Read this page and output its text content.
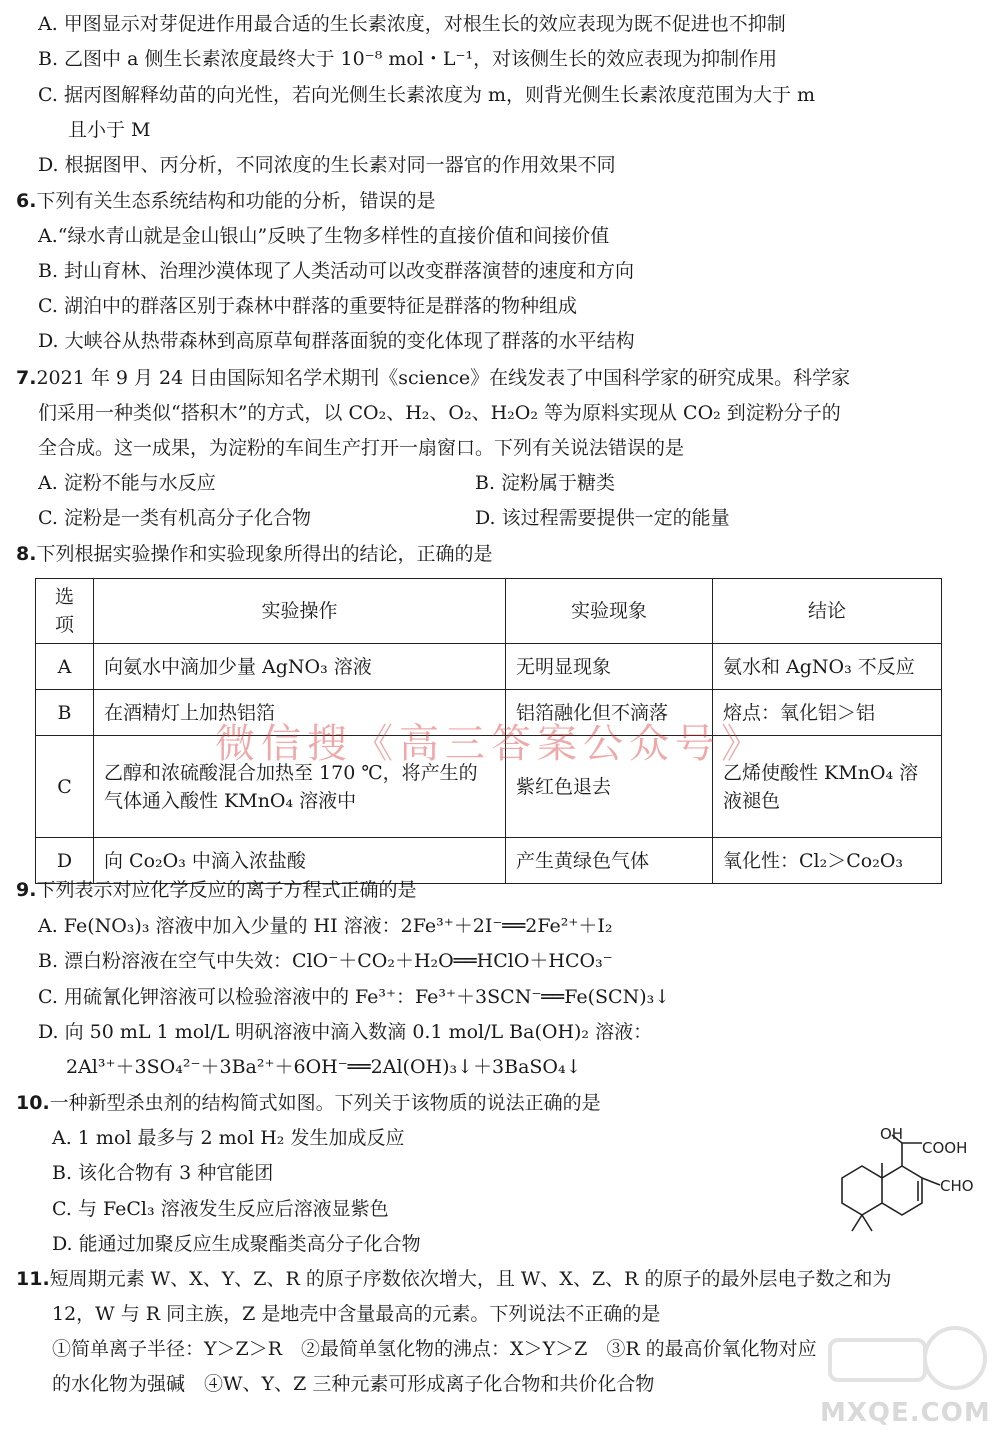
A. 甲图显示对芽促进作用最合适的生长素浓度，对根生长的效应表现为既不促进也不抑制
B. 乙图中 a 侧生长素浓度最终大于 10⁻⁸ mol・L⁻¹，对该侧生长的效应表现为抑制作用
C. 据丙图解释幼苗的向光性，若向光侧生长素浓度为 m，则背光侧生长素浓度范围为大于 m
且小于 M
D. 根据图甲、丙分析，不同浓度的生长素对同一器官的作用效果不同
6.下列有关生态系统结构和功能的分析，错误的是
A.“绿水青山就是金山银山”反映了生物多样性的直接价值和间接价值
B. 封山育林、治理沙漠体现了人类活动可以改变群落演替的速度和方向
C. 湖泊中的群落区别于森林中群落的重要特征是群落的物种组成
D. 大峡谷从热带森林到高原草甸群落面貌的变化体现了群落的水平结构
7.2021 年 9 月 24 日由国际知名学术期刊《science》在线发表了中国科学家的研究成果。科学家
们采用一种类似“搭积木”的方式，以 CO₂、H₂、O₂、H₂O₂ 等为原料实现从 CO₂ 到淀粉分子的
全合成。这一成果，为淀粉的车间生产打开一扇窗口。下列有关说法错误的是
A. 淀粉不能与水反应	B. 淀粉属于糖类
C. 淀粉是一类有机高分子化合物	D. 该过程需要提供一定的能量
8.下列根据实验操作和实验现象所得出的结论，正确的是
选项	实验操作	实验现象	结论
A	向氨水中滴加少量 AgNO₃ 溶液	无明显现象	氨水和 AgNO₃ 不反应
B	在酒精灯上加热铝箔	铝箔融化但不滴落	熔点：氧化铝＞铝
C	乙醇和浓硫酸混合加热至 170 ℃，将产生的气体通入酸性 KMnO₄ 溶液中	紫红色退去	乙烯使酸性 KMnO₄ 溶液褪色
D	向 Co₂O₃ 中滴入浓盐酸	产生黄绿色气体	氧化性：Cl₂＞Co₂O₃
微信搜《高三答案公众号》
9.下列表示对应化学反应的离子方程式正确的是
A. Fe(NO₃)₃ 溶液中加入少量的 HI 溶液：2Fe³⁺＋2I⁻══2Fe²⁺＋I₂
B. 漂白粉溶液在空气中失效：ClO⁻＋CO₂＋H₂O══HClO＋HCO₃⁻
C. 用硫氰化钾溶液可以检验溶液中的 Fe³⁺：Fe³⁺＋3SCN⁻══Fe(SCN)₃↓
D. 向 50 mL 1 mol/L 明矾溶液中滴入数滴 0.1 mol/L Ba(OH)₂ 溶液：
2Al³⁺＋3SO₄²⁻＋3Ba²⁺＋6OH⁻══2Al(OH)₃↓＋3BaSO₄↓
10.一种新型杀虫剂的结构简式如图。下列关于该物质的说法正确的是
A. 1 mol 最多与 2 mol H₂ 发生加成反应
B. 该化合物有 3 种官能团
C. 与 FeCl₃ 溶液发生反应后溶液显紫色
D. 能通过加聚反应生成聚酯类高分子化合物
OH
COOH
CHO
11.短周期元素 W、X、Y、Z、R 的原子序数依次增大，且 W、X、Z、R 的原子的最外层电子数之和为
12，W 与 R 同主族，Z 是地壳中含量最高的元素。下列说法不正确的是
①简单离子半径：Y＞Z＞R　②最简单氢化物的沸点：X＞Y＞Z　③R 的最高价氧化物对应
的水化物为强碱　④W、Y、Z 三种元素可形成离子化合物和共价化合物
MXQE.COM
